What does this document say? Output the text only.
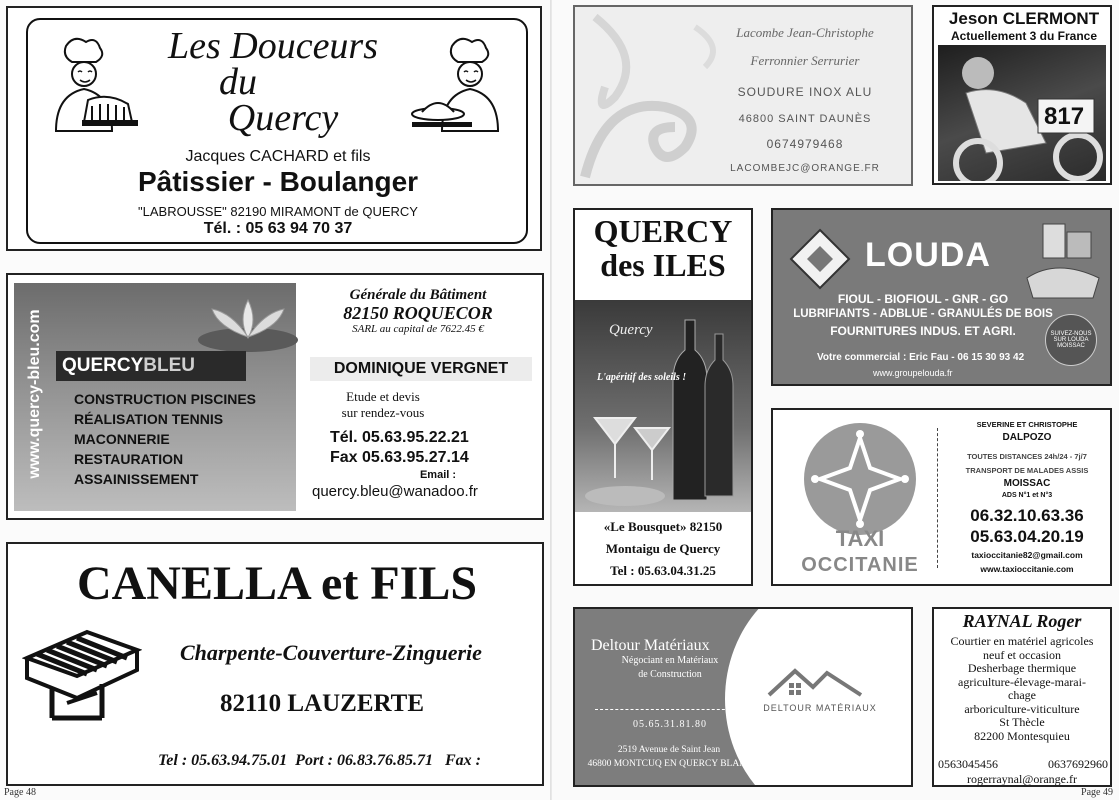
Les Douceurs
du
Quercy
Jacques CACHARD et fils
Pâtissier - Boulanger
"LABROUSSE" 82190 MIRAMONT de QUERCY
Tél. : 05 63 94 70 37
www.quercy-bleu.com	QUERCYBLEU
CONSTRUCTION PISCINES
RÉALISATION TENNIS
MACONNERIE
RESTAURATION
ASSAINISSEMENT
Générale du Bâtiment
82150 ROQUECOR
SARL au capital de 7622.45 €
DOMINIQUE VERGNET
Etude et devis
sur rendez-vous
Tél. 05.63.95.22.21
Fax 05.63.95.27.14
Email :
quercy.bleu@wanadoo.fr
CANELLA et FILS
Charpente-Couverture-Zinguerie
82110 LAUZERTE
Tel : 05.63.94.75.01  Port : 06.83.76.85.71   Fax :
Page 48
Lacombe Jean-Christophe
Ferronnier Serrurier
SOUDURE INOX ALU
46800 SAINT DAUNÈS
0674979468
LACOMBEJC@ORANGE.FR
Jeson CLERMONT
Actuellement 3 du France
817
QUERCY
des ILES
Quercy
L'apéritif des soleils !
«Le Bousquet» 82150
Montaigu de Quercy
Tel : 05.63.04.31.25
LOUDA
FIOUL - BIOFIOUL - GNR - GO
LUBRIFIANTS - ADBLUE - GRANULÉS DE BOIS
FOURNITURES INDUS. ET AGRI.
Votre commercial : Eric Fau - 06 15 30 93 42
www.groupelouda.fr
SUIVEZ-NOUS SUR LOUDA MOISSAC
TAXI
OCCITANIE
SEVERINE ET CHRISTOPHE
DALPOZO
TOUTES DISTANCES 24h/24 - 7j/7
TRANSPORT DE MALADES ASSIS
MOISSAC
ADS N°1 et N°3
06.32.10.63.36
05.63.04.20.19
taxioccitanie82@gmail.com
www.taxioccitanie.com
Deltour Matériaux
Négociant en Matériaux
de Construction
05.65.31.81.80
2519 Avenue de Saint Jean
46800 MONTCUQ EN QUERCY BLANC
DELTOUR MATÉRIAUX
RAYNAL Roger
Courtier en matériel agricoles
neuf et occasion
Desherbage thermique
agriculture-élevage-marai-
chage
arboriculture-viticulture
St Thècle
82200 Montesquieu
0563045456	0637692960
rogerraynal@orange.fr
Page 49
